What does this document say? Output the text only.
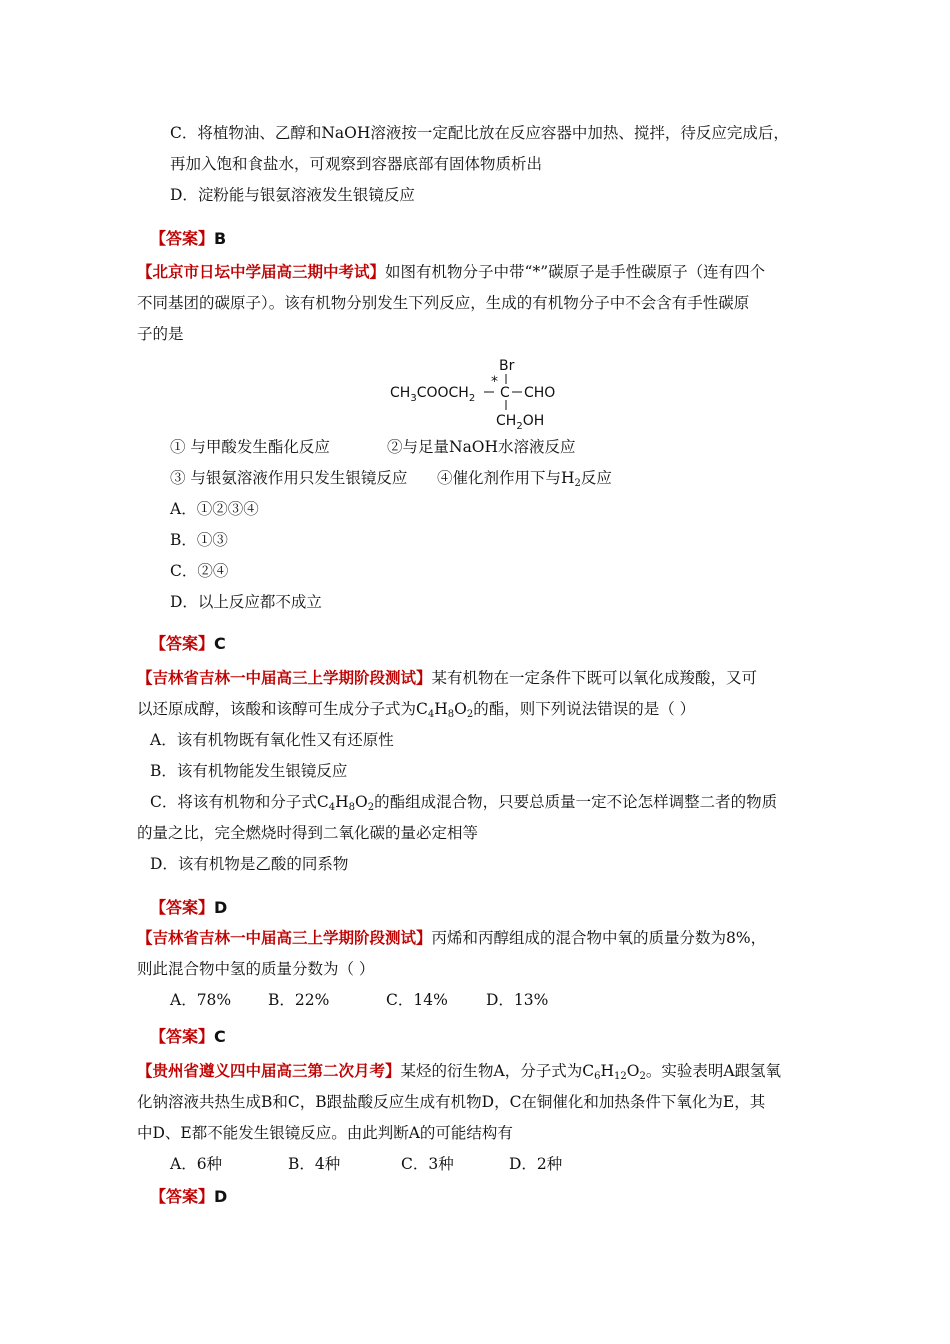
C．将植物油、乙醇和NaOH溶液按一定配比放在反应容器中加热、搅拌，待反应完成后，
再加入饱和食盐水，可观察到容器底部有固体物质析出
D．淀粉能与银氨溶液发生银镜反应
【答案】B
【北京市日坛中学届高三期中考试】如图有机物分子中带“*”碳原子是手性碳原子（连有四个
不同基团的碳原子）。该有机物分别发生下列反应，生成的有机物分子中不会含有手性碳原
子的是
Br
$CH_3COOCH_2$
*
C CHO
$CH_2OH$
① 与甲酸发生酯化反应	②与足量NaOH水溶液反应
③ 与银氨溶液作用只发生银镜反应 ④催化剂作用下与$H_2$反应
A．①②③④
B．①③
C．②④
D．以上反应都不成立
【答案】C
【吉林省吉林一中届高三上学期阶段测试】某有机物在一定条件下既可以氧化成羧酸，又可
以还原成醇，该酸和该醇可生成分子式为$C_4H_8O_2$的酯，则下列说法错误的是（ ）
A．该有机物既有氧化性又有还原性
B．该有机物能发生银镜反应
C．将该有机物和分子式$C_4H_8O_2$的酯组成混合物，只要总质量一定不论怎样调整二者的物质
的量之比，完全燃烧时得到二氧化碳的量必定相等
D．该有机物是乙酸的同系物
【答案】D
【吉林省吉林一中届高三上学期阶段测试】丙烯和丙醇组成的混合物中氧的质量分数为8%，
则此混合物中氢的质量分数为（ ）
A．78% B．22%	C．14% D．13%
【答案】C
【贵州省遵义四中届高三第二次月考】某烃的衍生物A，分子式为$C_6H_{12}O_2$。实验表明A跟氢氧
化钠溶液共热生成B和C，B跟盐酸反应生成有机物D，C在铜催化和加热条件下氧化为E，其
中D、E都不能发生银镜反应。由此判断A的可能结构有
A．6种	B．4种	C．3种	D．2种
【答案】D
